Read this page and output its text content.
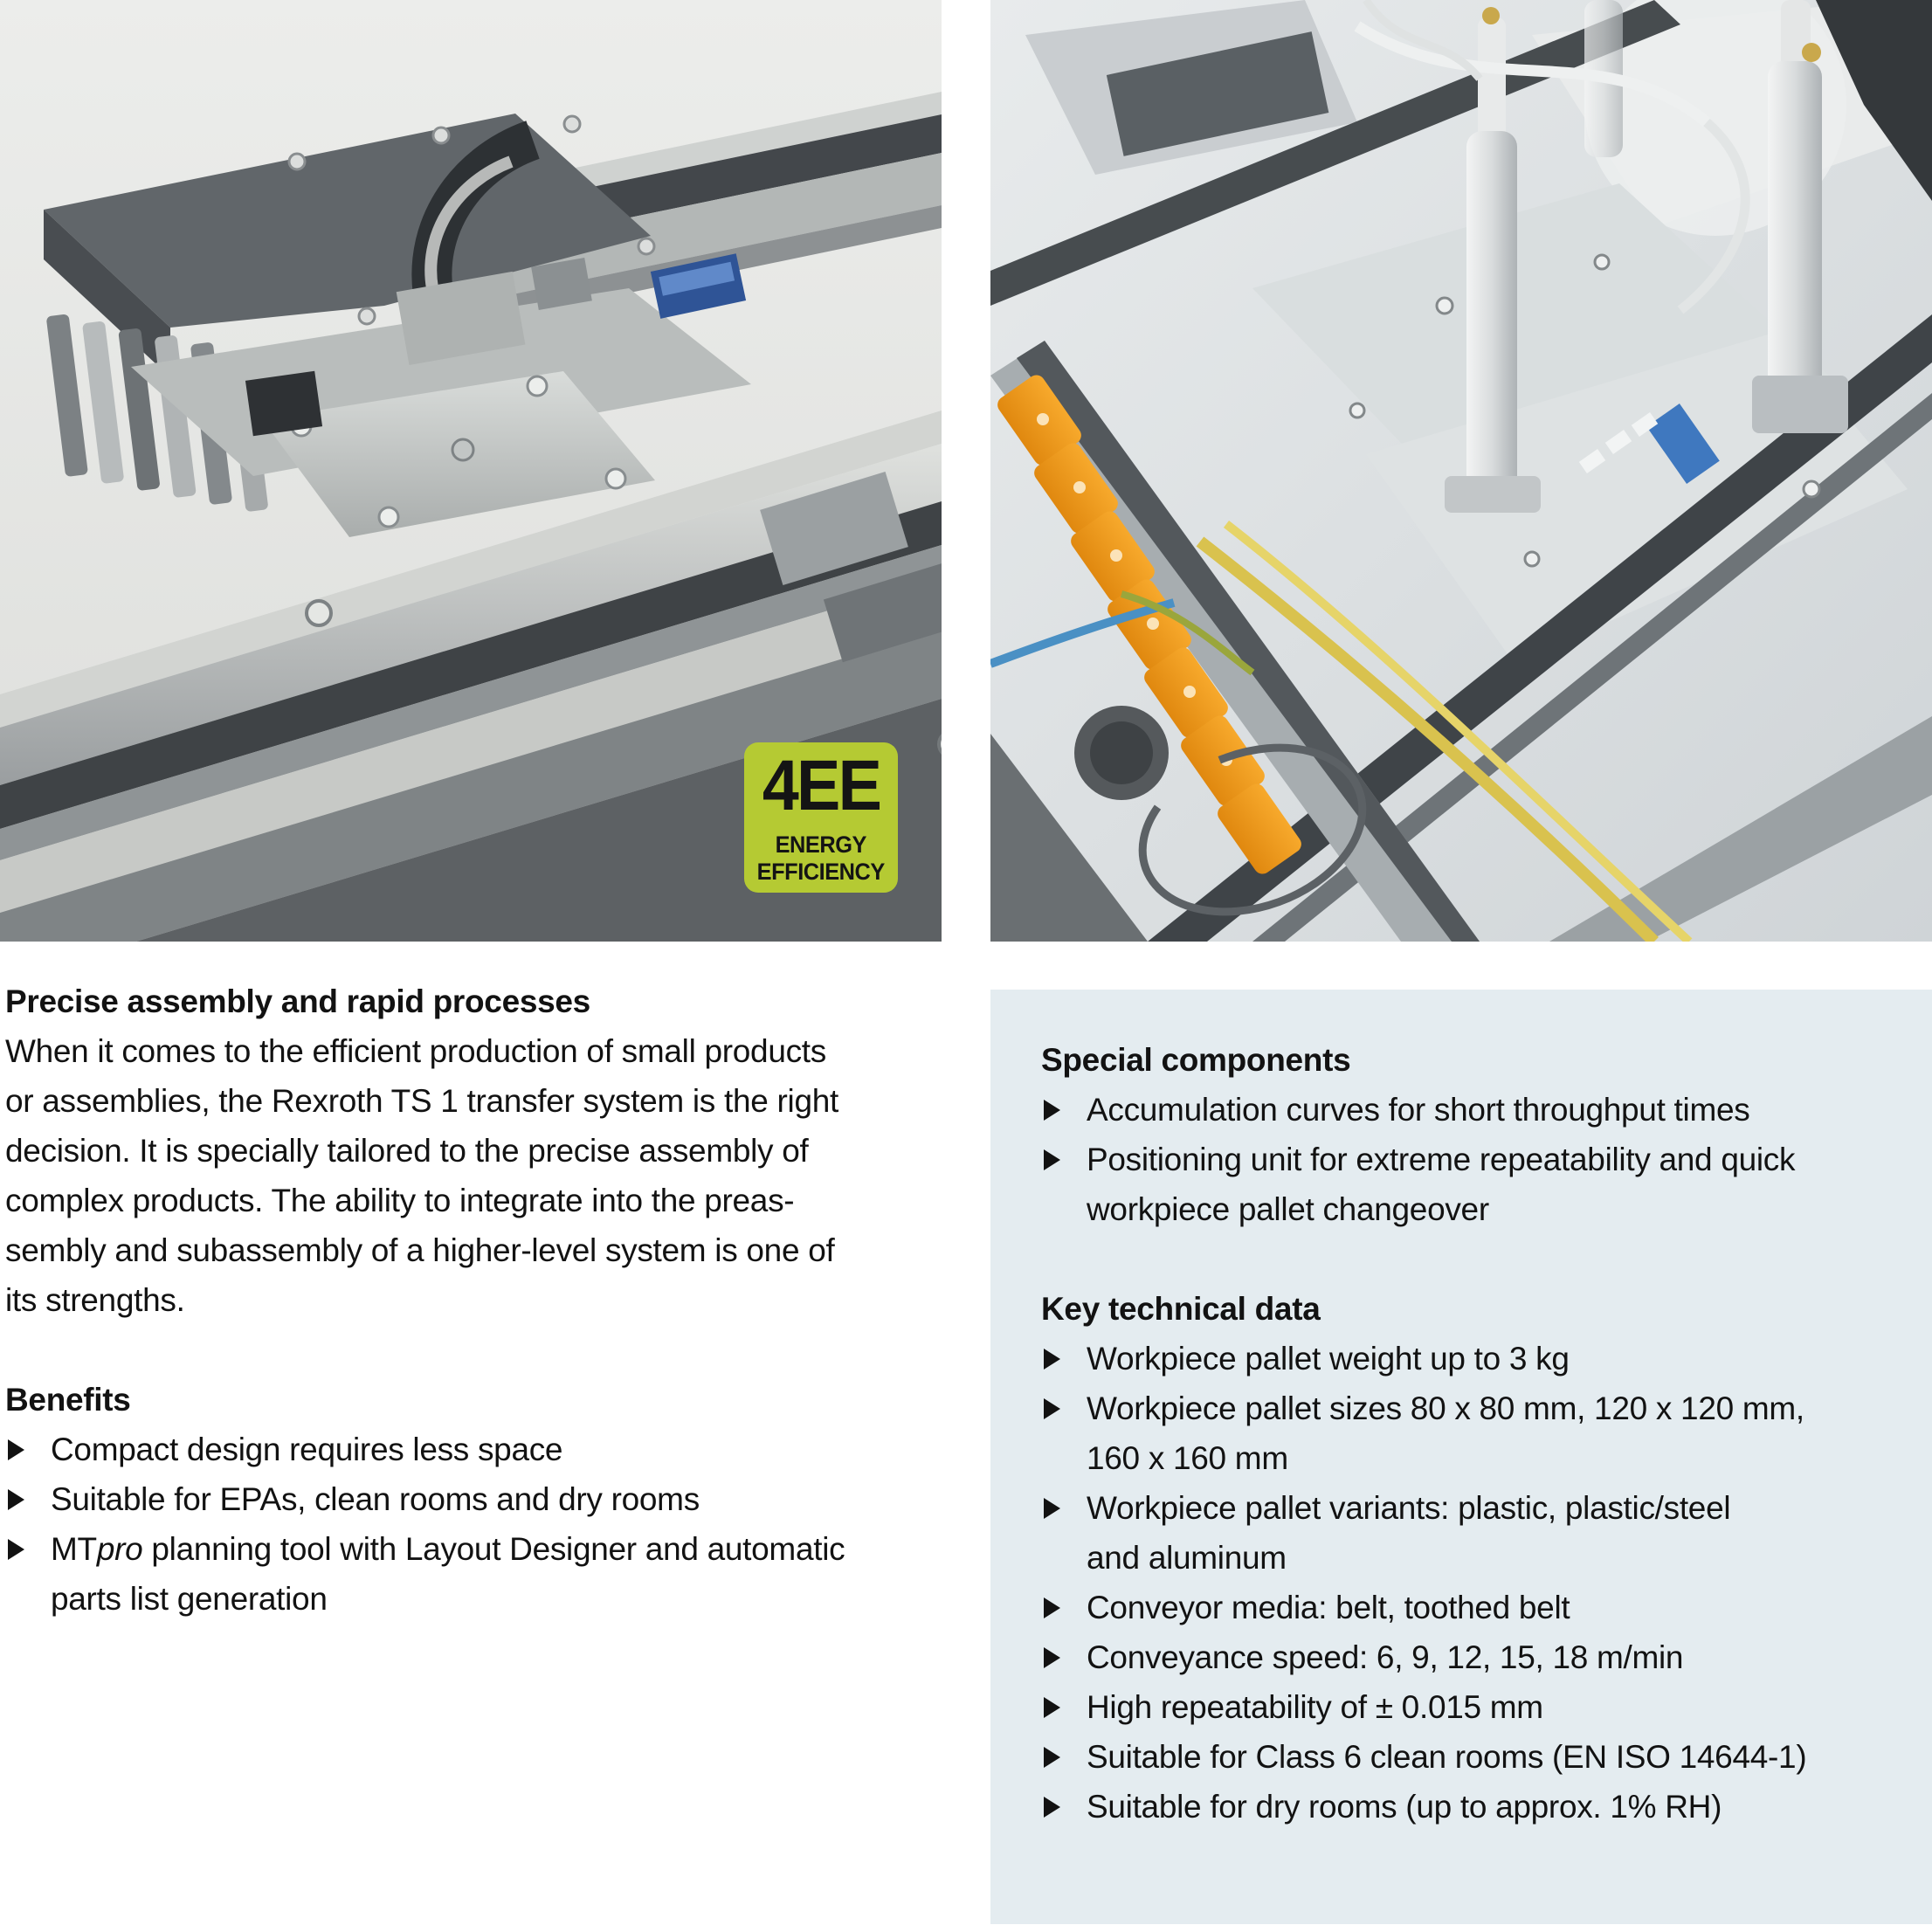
4EE
ENERGY
EFFICIENCY
Precise assembly and rapid processes
When it comes to the efficient production of small products
or assemblies, the Rexroth TS 1 transfer system is the right
decision. It is specially tailored to the precise assembly of
complex products. The ability to integrate into the preas-
sembly and subassembly of a higher-level system is one of
its strengths.
Benefits
Compact design requires less space
Suitable for EPAs, clean rooms and dry rooms
MTpro planning tool with Layout Designer and automatic
parts list generation
Special components
Accumulation curves for short throughput times
Positioning unit for extreme repeatability and quick
workpiece pallet changeover
Key technical data
Workpiece pallet weight up to 3 kg
Workpiece pallet sizes 80 x 80 mm, 120 x 120 mm,
160 x 160 mm
Workpiece pallet variants: plastic, plastic/steel
and aluminum
Conveyor media: belt, toothed belt
Conveyance speed: 6, 9, 12, 15, 18 m/min
High repeatability of ± 0.015 mm
Suitable for Class 6 clean rooms (EN ISO 14644-1)
Suitable for dry rooms (up to approx. 1% RH)
